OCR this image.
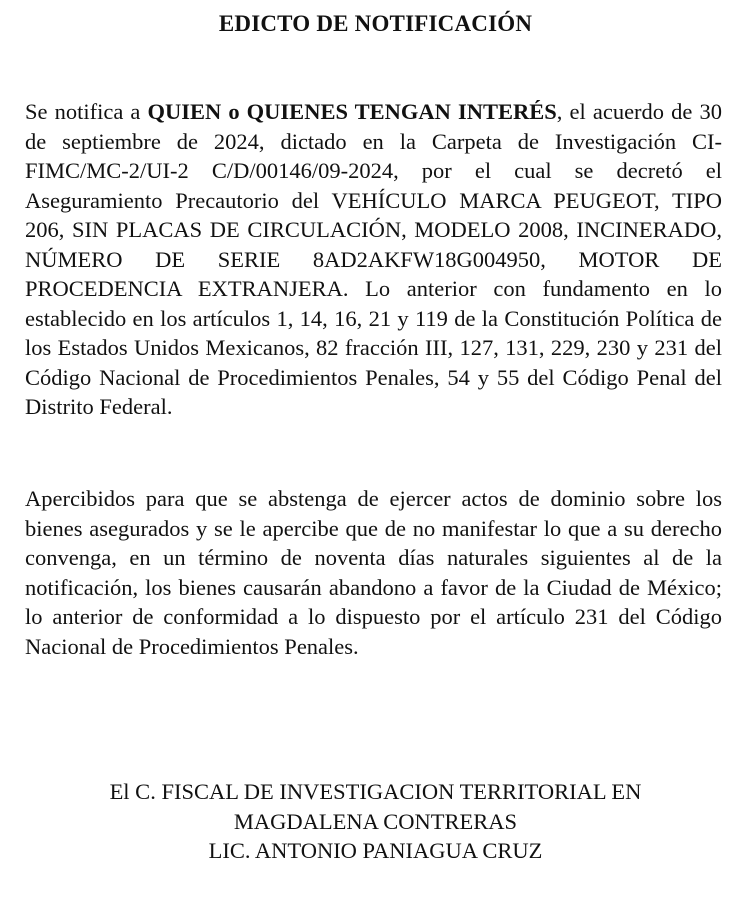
EDICTO DE NOTIFICACIÓN
Se notifica a QUIEN o QUIENES TENGAN INTERÉS, el acuerdo de 30 de septiembre de 2024, dictado en la Carpeta de Investigación CI- FIMC/MC-2/UI-2 C/D/00146/09-2024, por el cual se decretó el Aseguramiento Precautorio del VEHÍCULO MARCA PEUGEOT, TIPO 206, SIN PLACAS DE CIRCULACIÓN, MODELO 2008, INCINERADO, NÚMERO DE SERIE 8AD2AKFW18G004950, MOTOR DE PROCEDENCIA EXTRANJERA. Lo anterior con fundamento en lo establecido en los artículos 1, 14, 16, 21 y 119 de la Constitución Política de los Estados Unidos Mexicanos, 82 fracción III, 127, 131, 229, 230 y 231 del Código Nacional de Procedimientos Penales, 54 y 55 del Código Penal del Distrito Federal.
Apercibidos para que se abstenga de ejercer actos de dominio sobre los bienes asegurados y se le apercibe que de no manifestar lo que a su derecho convenga, en un término de noventa días naturales siguientes al de la notificación, los bienes causarán abandono a favor de la Ciudad de México; lo anterior de conformidad a lo dispuesto por el artículo 231 del Código Nacional de Procedimientos Penales.
El C. FISCAL DE INVESTIGACION TERRITORIAL EN
MAGDALENA CONTRERAS
LIC. ANTONIO PANIAGUA CRUZ
